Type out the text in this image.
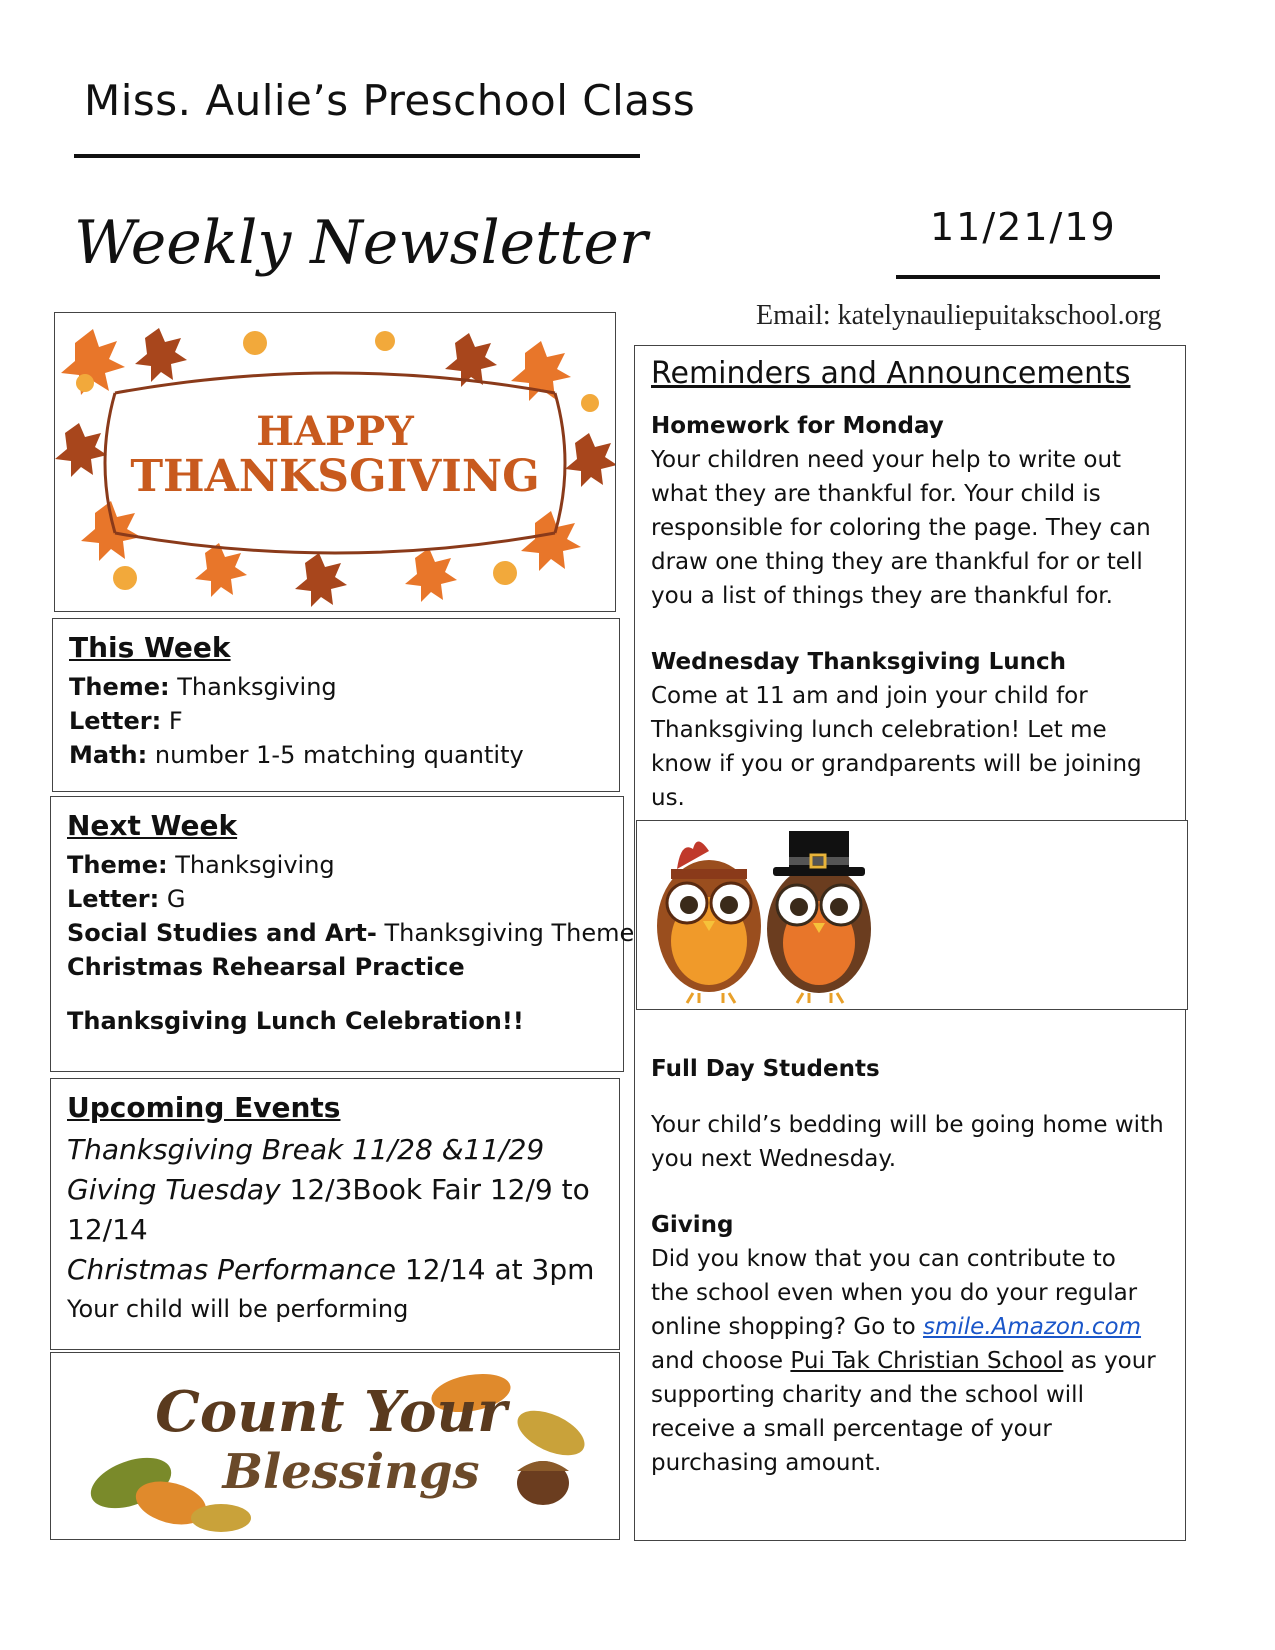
Miss. Aulie’s Preschool Class
Weekly Newsletter	11/21/19
Email: katelynauliepuitakschool.org
HAPPY
THANKSGIVING

This Week

Theme: Thanksgiving

Letter: F

Math: number 1-5 matching quantity

Next Week

Theme: Thanksgiving

Letter: G

Social Studies and Art- Thanksgiving Theme

Christmas Rehearsal Practice

Thanksgiving Lunch Celebration!!

Upcoming Events

Thanksgiving Break 11/28 &11/29

Giving Tuesday 12/3Book Fair 12/9 to

12/14

Christmas Performance 12/14 at 3pm

Your child will be performing

Count Your
Blessings

Reminders and Announcements

Homework for Monday

Your children need your help to write out

what they are thankful for. Your child is

responsible for coloring the page. They can

draw one thing they are thankful for or tell

you a list of things they are thankful for.

Wednesday Thanksgiving Lunch

Come at 11 am and join your child for

Thanksgiving lunch celebration! Let me

know if you or grandparents will be joining

us.

Full Day Students

Your child’s bedding will be going home with

you next Wednesday.

Giving

Did you know that you can contribute to

the school even when you do your regular

online shopping? Go to smile.Amazon.com

and choose Pui Tak Christian School as your

supporting charity and the school will

receive a small percentage of your

purchasing amount.
